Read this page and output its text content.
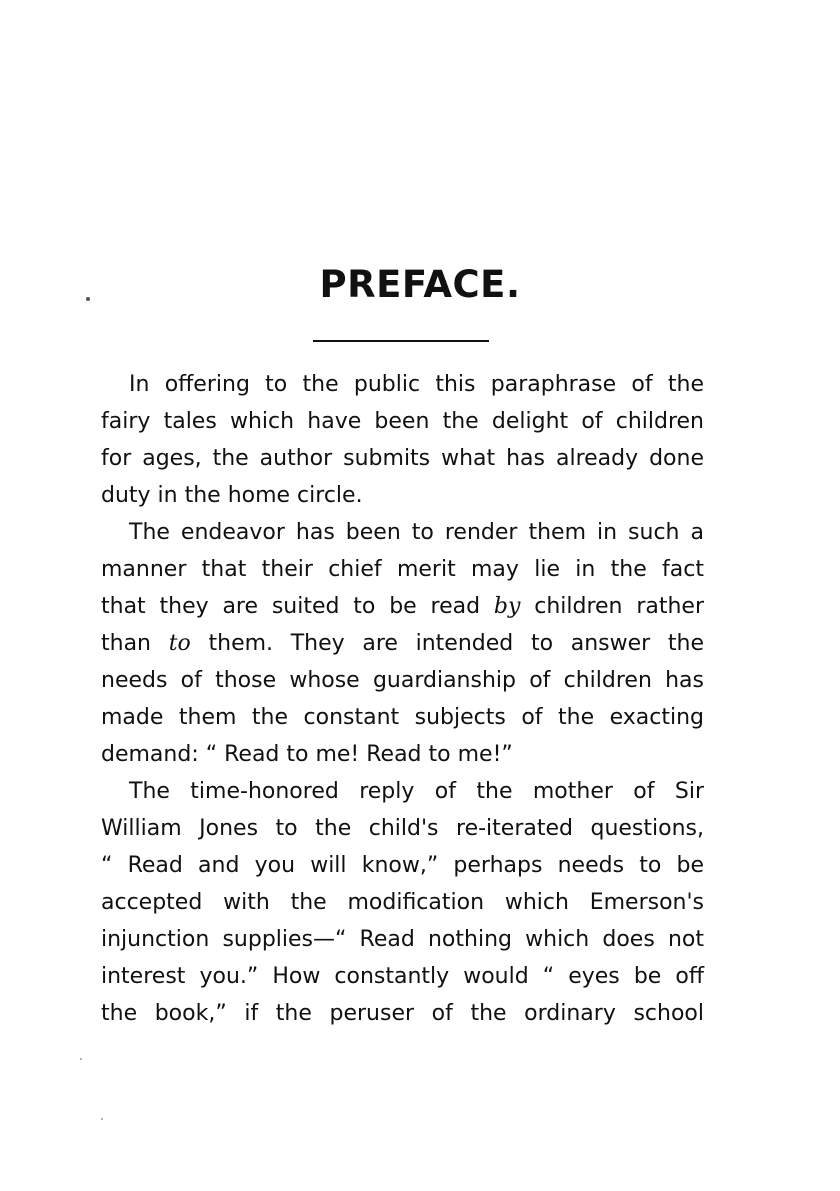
PREFACE.
In offering to the public this paraphrase of the
fairy tales which have been the delight of children
for ages, the author submits what has already done
duty in the home circle.
The endeavor has been to render them in such a
manner that their chief merit may lie in the fact
that they are suited to be read by children rather
than to them. They are intended to answer the
needs of those whose guardianship of children has
made them the constant subjects of the exacting
demand: “ Read to me! Read to me!”
The time-honored reply of the mother of Sir
William Jones to the child's re-iterated questions,
“ Read and you will know,” perhaps needs to be
accepted with the modification which Emerson's
injunction supplies—“ Read nothing which does not
interest you.” How constantly would “ eyes be off
the book,” if the peruser of the ordinary school
